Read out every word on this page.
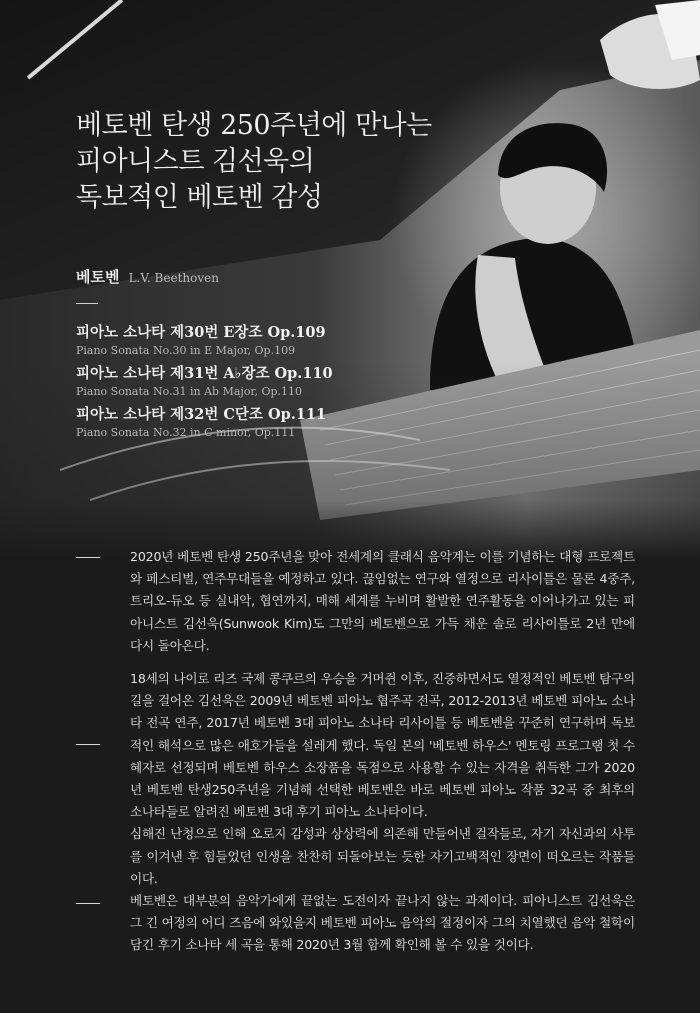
베토벤 탄생 250주년에 만나는
피아니스트 김선욱의
독보적인 베토벤 감성
베토벤 L.V. Beethoven
피아노 소나타 제30번 E장조 Op.109
Piano Sonata No.30 in E Major, Op.109
피아노 소나타 제31번 A♭장조 Op.110
Piano Sonata No.31 in Ab Major, Op.110
피아노 소나타 제32번 C단조 Op.111
Piano Sonata No.32 in C minor, Op.111

2020년 베토벤 탄생 250주년을 맞아 전세계의 클래식 음악계는 이를 기념하는 대형 프로젝트와 페스티벌, 연주무대들을 예정하고 있다. 끊임없는 연구와 열정으로 리사이틀은 물론 4중주, 트리오-듀오 등 실내악, 협연까지, 매해 세계를 누비며 활발한 연주활동을 이어나가고 있는 피아니스트 김선욱(Sunwook Kim)도 그만의 베토벤으로 가득 채운 솔로 리사이틀로 2년 만에 다시 돌아온다.

18세의 나이로 리즈 국제 콩쿠르의 우승을 거머쥔 이후, 진중하면서도 열정적인 베토벤 탐구의 길을 걸어온 김선욱은 2009년 베토벤 피아노 협주곡 전곡, 2012-2013년 베토벤 피아노 소나타 전곡 연주, 2017년 베토벤 3대 피아노 소나타 리사이틀 등 베토벤을 꾸준히 연구하며 독보적인 해석으로 많은 애호가들을 설레게 했다. 독일 본의 '베토벤 하우스' 멘토링 프로그램 첫 수혜자로 선정되며 베토벤 하우스 소장품을 독점으로 사용할 수 있는 자격을 취득한 그가 2020년 베토벤 탄생250주년을 기념해 선택한 베토벤은 바로 베토벤 피아노 작품 32곡 중 최후의 소나타들로 알려진 베토벤 3대 후기 피아노 소나타이다.

심해진 난청으로 인해 오로지 감성과 상상력에 의존해 만들어낸 걸작들로, 자기 자신과의 사투를 이겨낸 후 힘들었던 인생을 찬찬히 되돌아보는 듯한 자기고백적인 장면이 떠오르는 작품들이다.

베토벤은 대부분의 음악가에게 끝없는 도전이자 끝나지 않는 과제이다. 피아니스트 김선욱은 그 긴 여정의 어디 즈음에 와있을지 베토벤 피아노 음악의 절정이자 그의 치열했던 음악 철학이 담긴 후기 소나타 세 곡을 통해 2020년 3월 함께 확인해 볼 수 있을 것이다.
